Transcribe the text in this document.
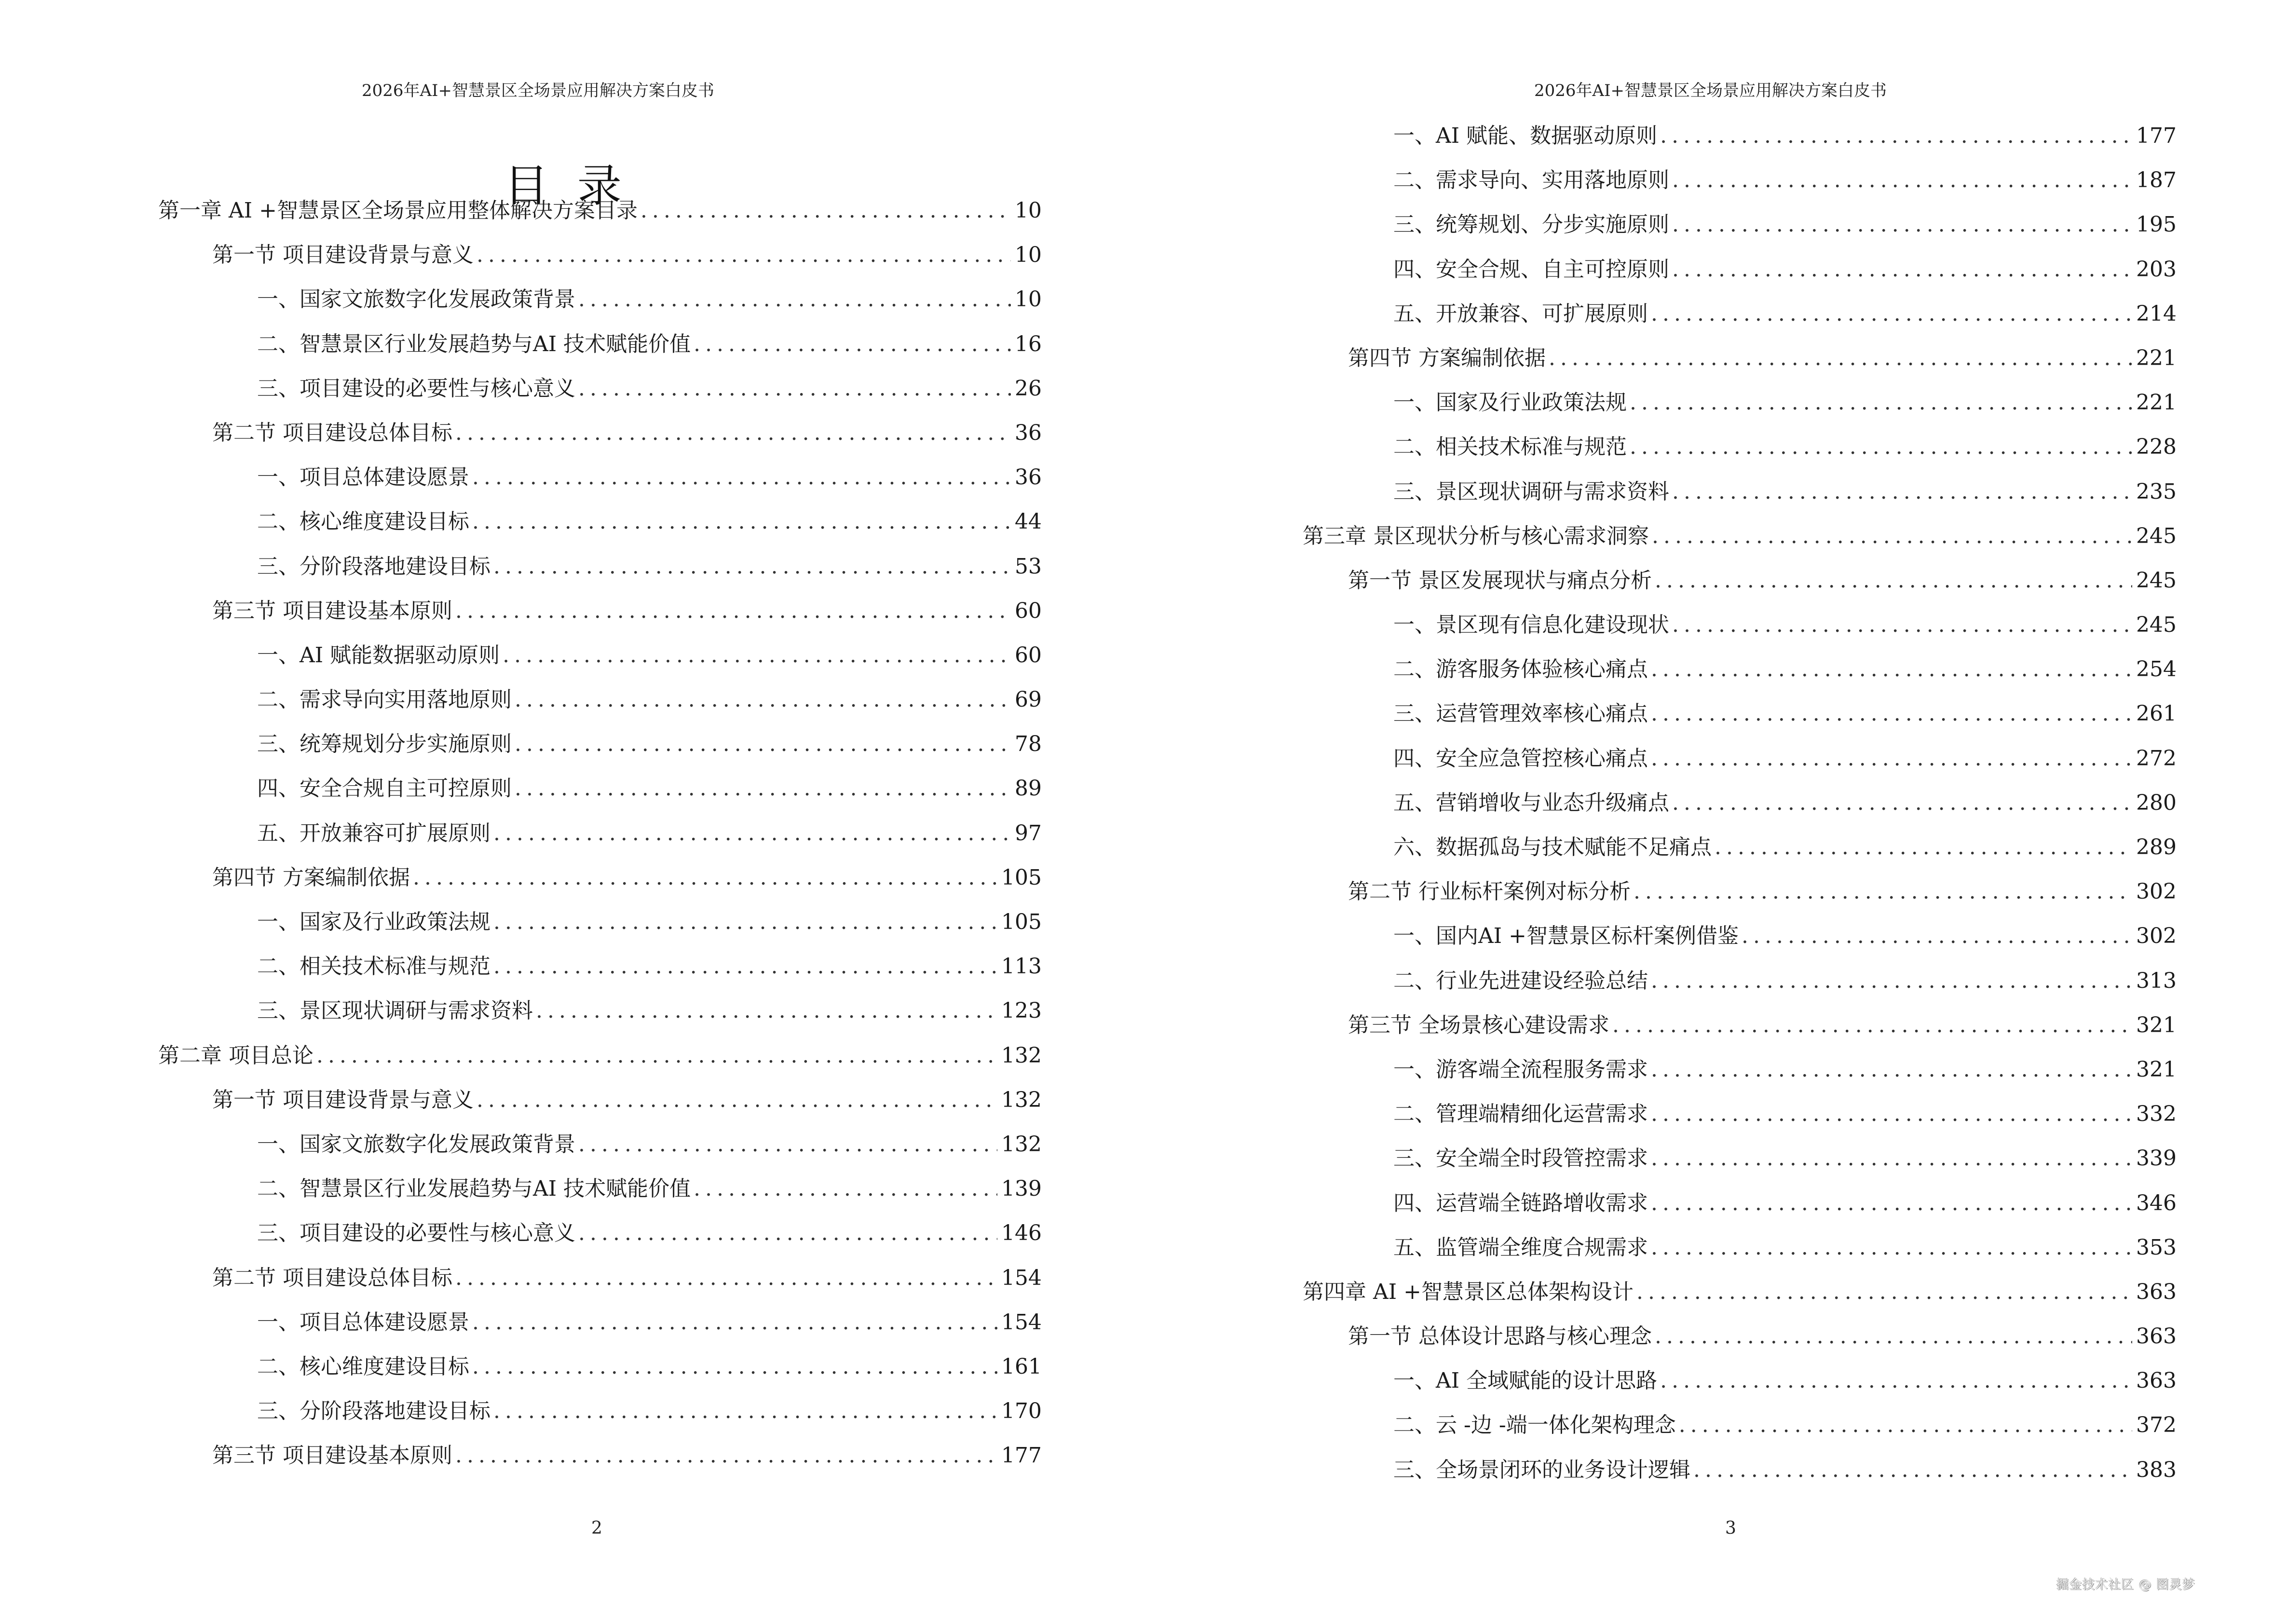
2026年AI+智慧景区全场景应用解决方案白皮书
目录
第一章 AI +智慧景区全场景应用整体解决方案目录 .....	10
第一节 项目建设背景与意义 .....	10
一、国家文旅数字化发展政策背景 .....	10
二、智慧景区行业发展趋势与AI 技术赋能价值 .....	16
三、项目建设的必要性与核心意义 .....	26
第二节 项目建设总体目标 .....	36
一、项目总体建设愿景 .....	36
二、核心维度建设目标 .....	44
三、分阶段落地建设目标 .....	53
第三节 项目建设基本原则 .....	60
一、AI 赋能数据驱动原则 .....	60
二、需求导向实用落地原则 .....	69
三、统筹规划分步实施原则 .....	78
四、安全合规自主可控原则 .....	89
五、开放兼容可扩展原则 .....	97
第四节 方案编制依据 .....	105
一、国家及行业政策法规 .....	105
二、相关技术标准与规范 .....	113
三、景区现状调研与需求资料 .....	123
第二章 项目总论 .....	132
第一节 项目建设背景与意义 .....	132
一、国家文旅数字化发展政策背景 .....	132
二、智慧景区行业发展趋势与AI 技术赋能价值 .....	139
三、项目建设的必要性与核心意义 .....	146
第二节 项目建设总体目标 .....	154
一、项目总体建设愿景 .....	154
二、核心维度建设目标 .....	161
三、分阶段落地建设目标 .....	170
第三节 项目建设基本原则 .....	177
2
2026年AI+智慧景区全场景应用解决方案白皮书
一、AI 赋能、数据驱动原则 .....	177
二、需求导向、实用落地原则 .....	187
三、统筹规划、分步实施原则 .....	195
四、安全合规、自主可控原则 .....	203
五、开放兼容、可扩展原则 .....	214
第四节 方案编制依据 .....	221
一、国家及行业政策法规 .....	221
二、相关技术标准与规范 .....	228
三、景区现状调研与需求资料 .....	235
第三章 景区现状分析与核心需求洞察 .....	245
第一节 景区发展现状与痛点分析 .....	245
一、景区现有信息化建设现状 .....	245
二、游客服务体验核心痛点 .....	254
三、运营管理效率核心痛点 .....	261
四、安全应急管控核心痛点 .....	272
五、营销增收与业态升级痛点 .....	280
六、数据孤岛与技术赋能不足痛点 .....	289
第二节 行业标杆案例对标分析 .....	302
一、国内AI +智慧景区标杆案例借鉴 .....	302
二、行业先进建设经验总结 .....	313
第三节 全场景核心建设需求 .....	321
一、游客端全流程服务需求 .....	321
二、管理端精细化运营需求 .....	332
三、安全端全时段管控需求 .....	339
四、运营端全链路增收需求 .....	346
五、监管端全维度合规需求 .....	353
第四章 AI +智慧景区总体架构设计 .....	363
第一节 总体设计思路与核心理念 .....	363
一、AI 全域赋能的设计思路 .....	363
二、云 -边 -端一体化架构理念 .....	372
三、全场景闭环的业务设计逻辑 .....	383
3
掘金技术社区 @ 图灵梦
